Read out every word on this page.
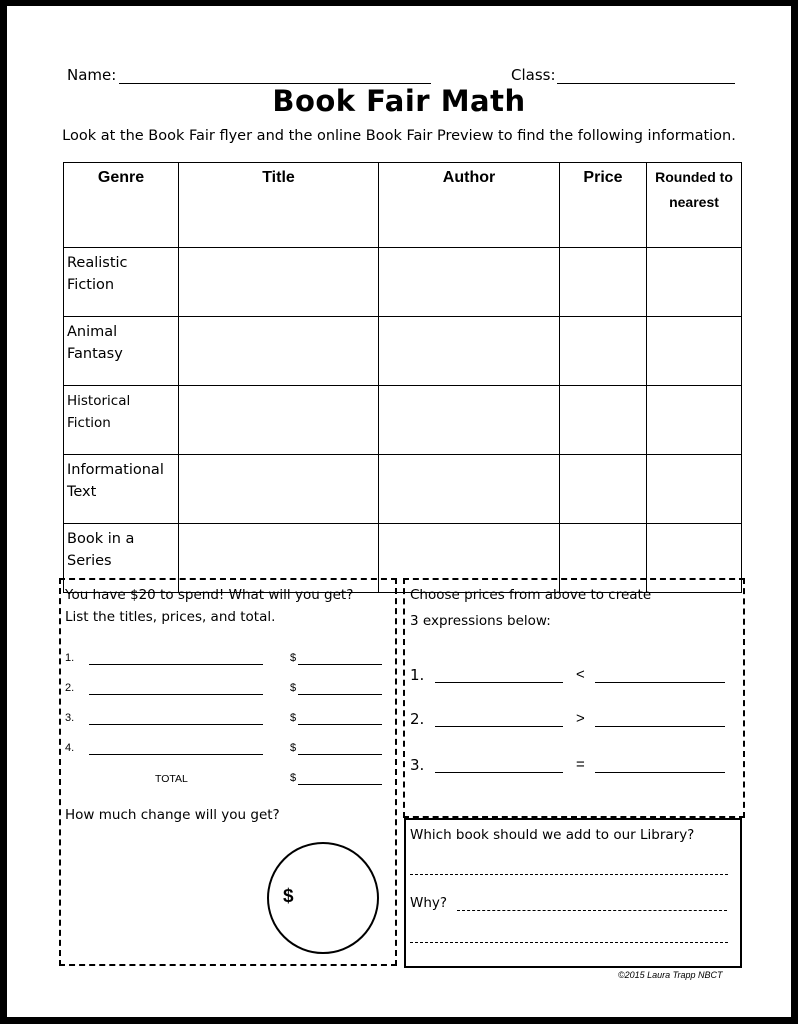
Name:	Class:
Book Fair Math
Look at the Book Fair flyer and the online Book Fair Preview to find the following information.
Genre	Title	Author	Price	Rounded to nearest
Realistic Fiction				
Animal Fantasy				
Historical Fiction				
Informational Text				
Book in a Series				
You have $20 to spend! What will you get?
List the titles, prices, and total.
1.	$
2.	$
3.	$
4.	$
TOTAL	$
How much change will you get?
$
Choose prices from above to create
3 expressions below:
1.	<
2.	>
3.	=
Which book should we add to our Library?
Why?
©2015 Laura Trapp NBCT
